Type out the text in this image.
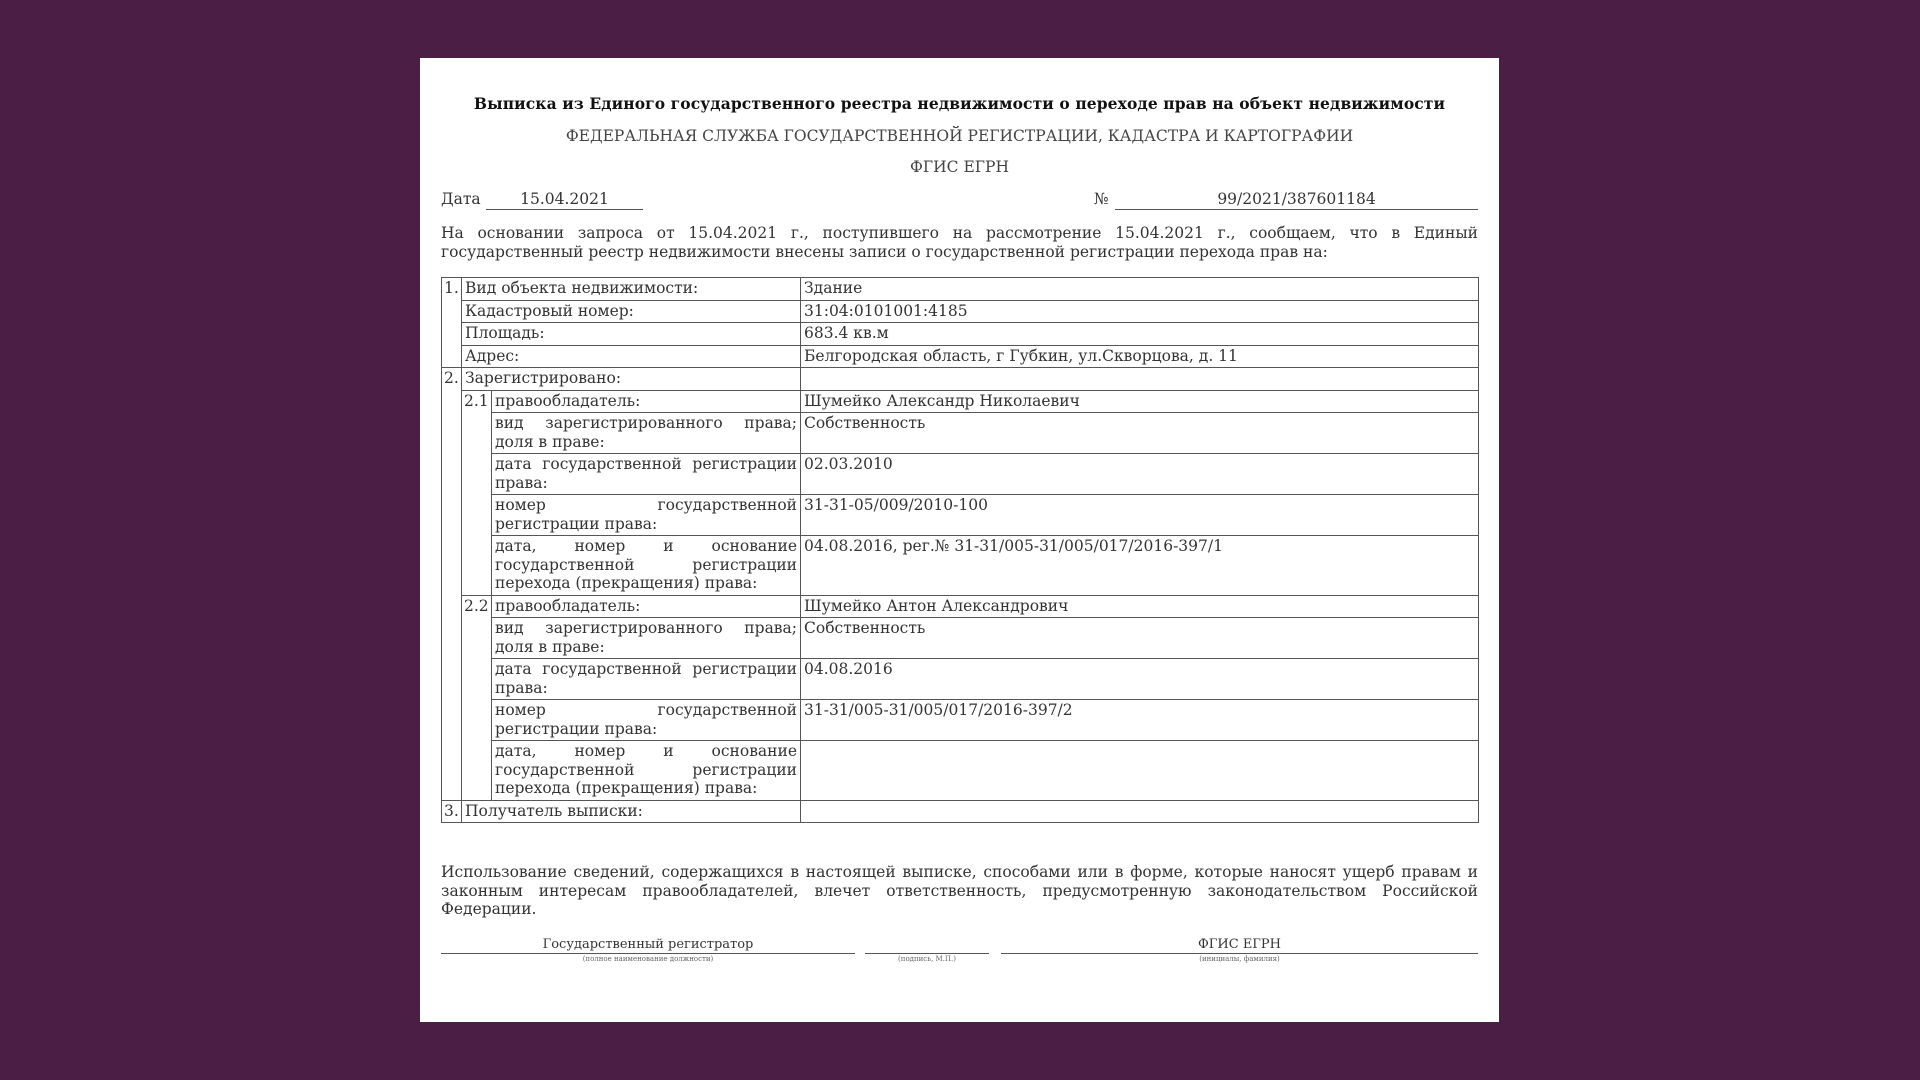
Выписка из Единого государственного реестра недвижимости о переходе прав на объект недвижимости
ФЕДЕРАЛЬНАЯ СЛУЖБА ГОСУДАРСТВЕННОЙ РЕГИСТРАЦИИ, КАДАСТРА И КАРТОГРАФИИ
ФГИС ЕГРН
Дата	15.04.2021	№	99/2021/387601184
На основании запроса от 15.04.2021 г., поступившего на рассмотрение 15.04.2021 г., сообщаем, что в Единый государственный реестр недвижимости внесены записи о государственной регистрации перехода прав на:
1.	Вид объекта недвижимости:		Здание
	Кадастровый номер:		31:04:0101001:4185
	Площадь:		683.4 кв.м
	Адрес:		Белгородская область, г Губкин, ул.Скворцова, д. 11
2.	Зарегистрировано:		
	2.1	правообладатель:	Шумейко Александр Николаевич
		вид зарегистрированного права; доля в праве:	Собственность
		дата государственной регистрации права:	02.03.2010
		номер государственной регистрации права:	31-31-05/009/2010-100
		дата, номер и основание государственной регистрации перехода (прекращения) права:	04.08.2016, рег.№ 31-31/005-31/005/017/2016-397/1
	2.2	правообладатель:	Шумейко Антон Александрович
		вид зарегистрированного права; доля в праве:	Собственность
		дата государственной регистрации права:	04.08.2016
		номер государственной регистрации права:	31-31/005-31/005/017/2016-397/2
		дата, номер и основание государственной регистрации перехода (прекращения) права:	
3.	Получатель выписки:		
Использование сведений, содержащихся в настоящей выписке, способами или в форме, которые наносят ущерб правам и законным интересам правообладателей, влечет ответственность, предусмотренную законодательством Российской Федерации.
Государственный регистратор
(полное наименование должности)	(подпись, М.П.)
ФГИС ЕГРН
(инициалы, фамилия)
